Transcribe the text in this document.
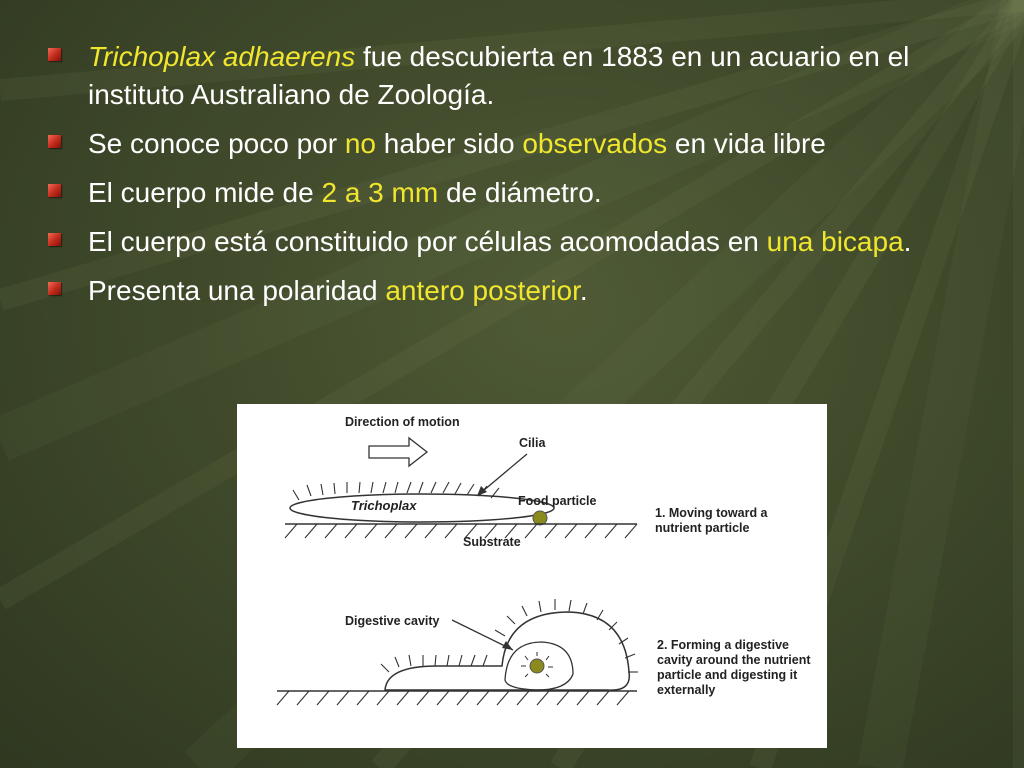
Trichoplax adhaerens fue descubierta en 1883 en un acuario en el instituto Australiano de Zoología.
Se conoce poco por no haber sido observados en vida libre
El cuerpo mide de 2 a 3 mm de diámetro.
El cuerpo está constituido por células acomodadas en una bicapa.
Presenta una polaridad antero posterior.
Direction of motion
Cilia
Trichoplax	Food particle
Substrate
1. Moving toward a nutrient particle
Digestive cavity
2. Forming a digestive cavity around the nutrient particle and digesting it externally
